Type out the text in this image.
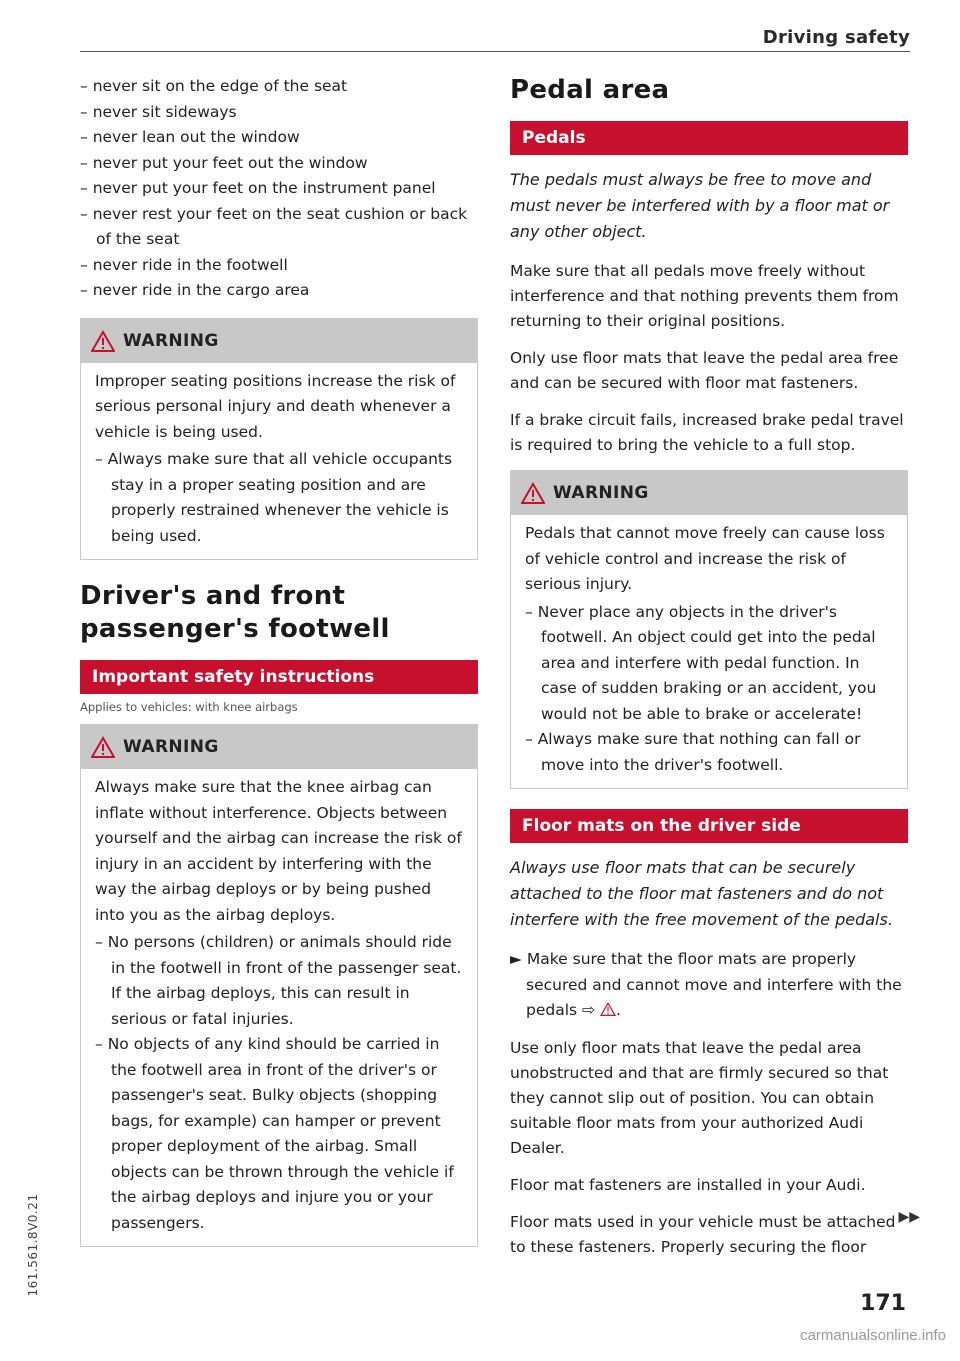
Driving safety
– never sit on the edge of the seat
– never sit sideways
– never lean out the window
– never put your feet out the window
– never put your feet on the instrument panel
– never rest your feet on the seat cushion or back of the seat
– never ride in the footwell
– never ride in the cargo area
WARNING

Improper seating positions increase the risk of serious personal injury and death whenever a vehicle is being used.

– Always make sure that all vehicle occupants stay in a proper seating position and are properly restrained whenever the vehicle is being used.
Driver's and front passenger's footwell
Important safety instructions
Applies to vehicles: with knee airbags
WARNING

Always make sure that the knee airbag can inflate without interference. Objects between yourself and the airbag can increase the risk of injury in an accident by interfering with the way the airbag deploys or by being pushed into you as the airbag deploys.

– No persons (children) or animals should ride in the footwell in front of the passenger seat. If the airbag deploys, this can result in serious or fatal injuries.
– No objects of any kind should be carried in the footwell area in front of the driver's or passenger's seat. Bulky objects (shopping bags, for example) can hamper or prevent proper deployment of the airbag. Small objects can be thrown through the vehicle if the airbag deploys and injure you or your passengers.
Pedal area
Pedals

The pedals must always be free to move and must never be interfered with by a floor mat or any other object.

Make sure that all pedals move freely without interference and that nothing prevents them from returning to their original positions.

Only use floor mats that leave the pedal area free and can be secured with floor mat fasteners.

If a brake circuit fails, increased brake pedal travel is required to bring the vehicle to a full stop.

WARNING

Pedals that cannot move freely can cause loss of vehicle control and increase the risk of serious injury.

– Never place any objects in the driver's footwell. An object could get into the pedal area and interfere with pedal function. In case of sudden braking or an accident, you would not be able to brake or accelerate!
– Always make sure that nothing can fall or move into the driver's footwell.
Floor mats on the driver side

Always use floor mats that can be securely attached to the floor mat fasteners and do not interfere with the free movement of the pedals.

► Make sure that the floor mats are properly secured and cannot move and interfere with the pedals ⇨ .

Use only floor mats that leave the pedal area unobstructed and that are firmly secured so that they cannot slip out of position. You can obtain suitable floor mats from your authorized Audi Dealer.

Floor mat fasteners are installed in your Audi.

Floor mats used in your vehicle must be attached to these fasteners. Properly securing the floor

▶▶
171
161.561.8V0.21
carmanualsonline.info
